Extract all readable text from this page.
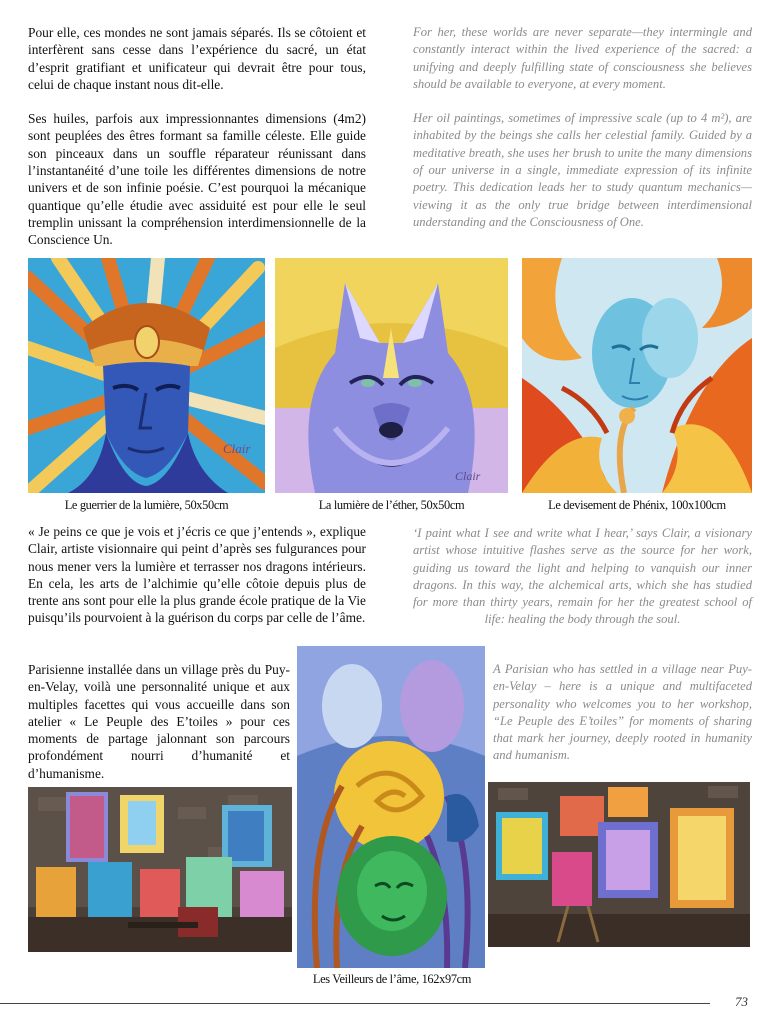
Pour elle, ces mondes ne sont jamais séparés. Ils se côtoient et interfèrent sans cesse dans l’expérience du sacré, un état d’esprit gratifiant et unificateur qui devrait être pour tous, celui de chaque instant nous dit-elle.

Ses huiles, parfois aux impressionnantes dimensions (4m2) sont peuplées des êtres formant sa famille céleste. Elle guide son pinceaux dans un souffle réparateur réunissant dans l’instantanéité d’une toile les différentes dimensions de notre univers et de son infinie poésie. C’est pourquoi la mécanique quantique qu’elle étudie avec assiduité est pour elle le seul tremplin unissant la compréhension interdimensionnelle de la Conscience Un.

For her, these worlds are never separate—they intermingle and constantly interact within the lived experience of the sacred: a unifying and deeply fulfilling state of consciousness she believes should be available to everyone, at every moment.

Her oil paintings, sometimes of impressive scale (up to 4 m²), are inhabited by the beings she calls her celestial family. Guided by a meditative breath, she uses her brush to unite the many dimensions of our universe in a single, immediate expression of its infinite poetry. This dedication leads her to study quantum mechanics—viewing it as the only true bridge between interdimensional understanding and the Consciousness of One.

Clair
Clair
Le guerrier de la lumière, 50x50cm	La lumière de l’éther, 50x50cm	Le devisement de Phénix, 100x100cm

« Je peins ce que je vois et j’écris ce que j’entends », explique Clair, artiste visionnaire qui peint d’après ses fulgurances pour nous mener vers la lumière et terrasser nos dragons intérieurs. En cela, les arts de l’alchimie qu’elle côtoie depuis plus de trente ans sont pour elle la plus grande école pratique de la Vie puisqu’ils pourvoient à la guérison du corps par celle de l’âme.

Parisienne installée dans un village près du Puy-en-Velay, voilà une personnalité unique et aux multiples facettes qui vous accueille dans son atelier « Le Peuple des E’toiles » pour ces moments de partage jalonnant son parcours profondément nourri d’humanité et d’humanisme.

‘I paint what I see and write what I hear,’ says Clair, a visionary artist whose intuitive flashes serve as the source for her work, guiding us toward the light and helping to vanquish our inner dragons. In this way, the alchemical arts, which she has studied for more than thirty years, remain for her the greatest school of life: healing the body through the soul.

A Parisian who has settled in a village near Puy-en-Velay – here is a unique and multifaceted personality who welcomes you to her workshop, “Le Peuple des E’toiles” for moments of sharing that mark her journey, deeply rooted in humanity and humanism.

Les Veilleurs de l’âme, 162x97cm
73
